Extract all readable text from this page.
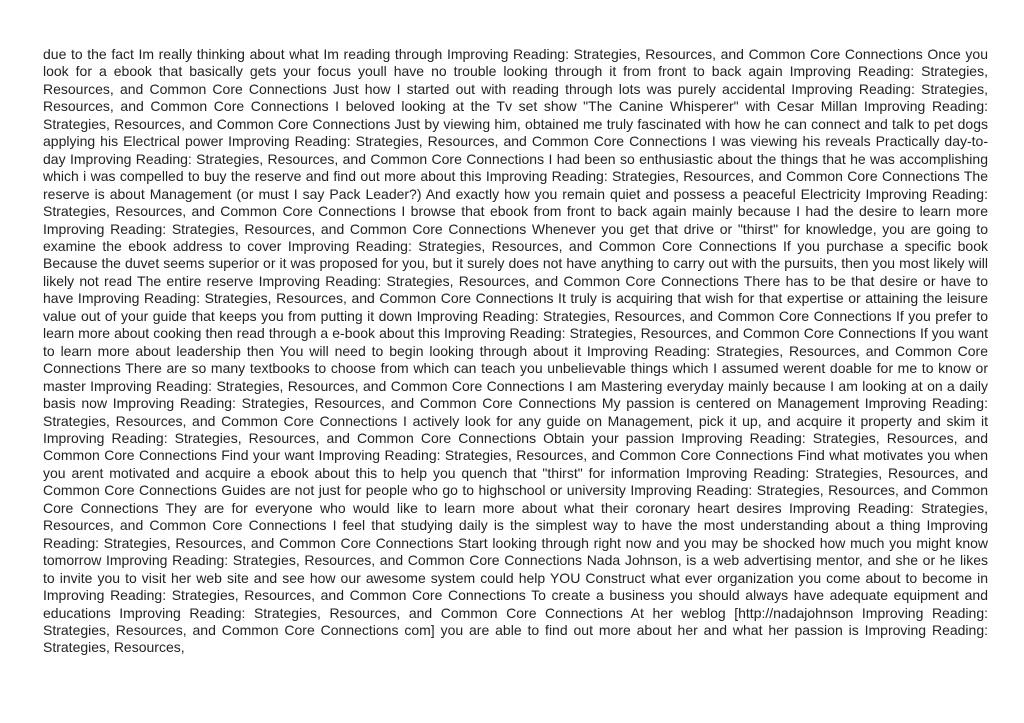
due to the fact Im really thinking about what Im reading through Improving Reading: Strategies, Resources, and Common Core Connections Once you look for a ebook that basically gets your focus youll have no trouble looking through it from front to back again Improving Reading: Strategies, Resources, and Common Core Connections Just how I started out with reading through lots was purely accidental Improving Reading: Strategies, Resources, and Common Core Connections I beloved looking at the Tv set show "The Canine Whisperer" with Cesar Millan Improving Reading: Strategies, Resources, and Common Core Connections Just by viewing him, obtained me truly fascinated with how he can connect and talk to pet dogs applying his Electrical power Improving Reading: Strategies, Resources, and Common Core Connections I was viewing his reveals Practically day-to-day Improving Reading: Strategies, Resources, and Common Core Connections I had been so enthusiastic about the things that he was accomplishing which i was compelled to buy the reserve and find out more about this Improving Reading: Strategies, Resources, and Common Core Connections The reserve is about Management (or must I say Pack Leader?) And exactly how you remain quiet and possess a peaceful Electricity Improving Reading: Strategies, Resources, and Common Core Connections I browse that ebook from front to back again mainly because I had the desire to learn more Improving Reading: Strategies, Resources, and Common Core Connections Whenever you get that drive or "thirst" for knowledge, you are going to examine the ebook address to cover Improving Reading: Strategies, Resources, and Common Core Connections If you purchase a specific book Because the duvet seems superior or it was proposed for you, but it surely does not have anything to carry out with the pursuits, then you most likely will likely not read The entire reserve Improving Reading: Strategies, Resources, and Common Core Connections There has to be that desire or have to have Improving Reading: Strategies, Resources, and Common Core Connections It truly is acquiring that wish for that expertise or attaining the leisure value out of your guide that keeps you from putting it down Improving Reading: Strategies, Resources, and Common Core Connections If you prefer to learn more about cooking then read through a e-book about this Improving Reading: Strategies, Resources, and Common Core Connections If you want to learn more about leadership then You will need to begin looking through about it Improving Reading: Strategies, Resources, and Common Core Connections There are so many textbooks to choose from which can teach you unbelievable things which I assumed werent doable for me to know or master Improving Reading: Strategies, Resources, and Common Core Connections I am Mastering everyday mainly because I am looking at on a daily basis now Improving Reading: Strategies, Resources, and Common Core Connections My passion is centered on Management Improving Reading: Strategies, Resources, and Common Core Connections I actively look for any guide on Management, pick it up, and acquire it property and skim it Improving Reading: Strategies, Resources, and Common Core Connections Obtain your passion Improving Reading: Strategies, Resources, and Common Core Connections Find your want Improving Reading: Strategies, Resources, and Common Core Connections Find what motivates you when you arent motivated and acquire a ebook about this to help you quench that "thirst" for information Improving Reading: Strategies, Resources, and Common Core Connections Guides are not just for people who go to highschool or university Improving Reading: Strategies, Resources, and Common Core Connections They are for everyone who would like to learn more about what their coronary heart desires Improving Reading: Strategies, Resources, and Common Core Connections I feel that studying daily is the simplest way to have the most understanding about a thing Improving Reading: Strategies, Resources, and Common Core Connections Start looking through right now and you may be shocked how much you might know tomorrow Improving Reading: Strategies, Resources, and Common Core Connections Nada Johnson, is a web advertising mentor, and she or he likes to invite you to visit her web site and see how our awesome system could help YOU Construct what ever organization you come about to become in Improving Reading: Strategies, Resources, and Common Core Connections To create a business you should always have adequate equipment and educations Improving Reading: Strategies, Resources, and Common Core Connections At her weblog [http://nadajohnson Improving Reading: Strategies, Resources, and Common Core Connections com] you are able to find out more about her and what her passion is Improving Reading: Strategies, Resources,
